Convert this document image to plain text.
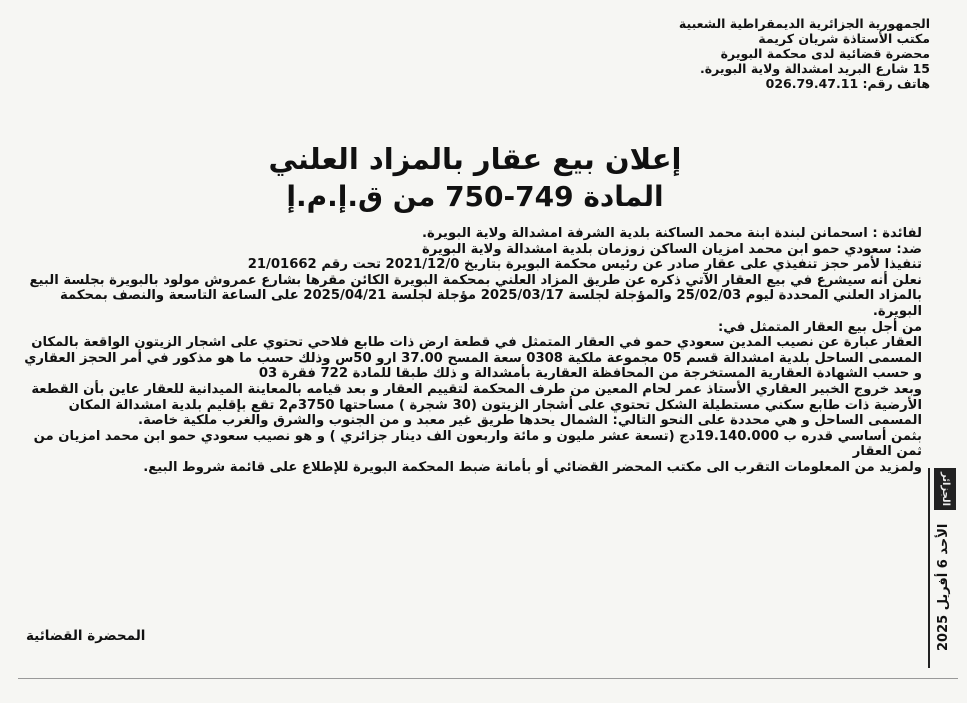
الجمهورية الجزائرية الديمقراطية الشعبية
مكتب الأستاذة شريان كريمة
محضرة قضائية لدى محكمة البويرة
15 شارع البريد امشدالة ولاية البويرة.
هاتف رقم: 026.79.47.11
إعلان بيع عقار بالمزاد العلني
المادة 749-750 من ق.إ.م.إ

لفائدة : اسحمانن لبندة ابنة محمد الساكنة بلدية الشرفة امشدالة ولاية البويرة.

ضد: سعودي حمو ابن محمد امزيان الساكن زوزمان بلدية امشدالة ولاية البويرة

تنفيذا لأمر حجز تنفيذي على عقار صادر عن رئيس محكمة البويرة بتاريخ 2021/12/0 تحت رقم 21/01662

نعلن أنه سيشرع في بيع العقار الآتي ذكره عن طريق المزاد العلني بمحكمة البويرة الكائن مقرها بشارع عمروش مولود بالبويرة بجلسة البيع بالمزاد العلني المحددة ليوم 25/02/03 والمؤجلة لجلسة 2025/03/17 مؤجلة لجلسة 2025/04/21 على الساعة التاسعة والنصف بمحكمة البويرة.

من أجل بيع العقار المتمثل في:

العقار عبارة عن نصيب المدين سعودي حمو في العقار المتمثل في قطعة ارض ذات طابع فلاحي تحتوي على اشجار الزيتون الواقعة بالمكان المسمى الساحل بلدية امشدالة قسم 05 مجموعة ملكية 0308 سعة المسح 37.00 ارو 50س وذلك حسب ما هو مذكور في أمر الحجز العقاري و حسب الشهادة العقارية المستخرجة من المحافظة العقارية بأمشدالة و ذلك طبقا للمادة 722 فقرة 03

وبعد خروج الخبير العقاري الأستاذ عمر لحام المعين من طرف المحكمة لتقييم العقار و بعد قيامه بالمعاينة الميدانية للعقار عاين بأن القطعة الأرضية ذات طابع سكني مستطيلة الشكل تحتوي على أشجار الزيتون (30 شجرة ) مساحتها 3750م2 تقع بإقليم بلدية امشدالة المكان المسمى الساحل و هي محددة على النحو التالي: الشمال يحدها طريق غير معبد و من الجنوب والشرق والغرب ملكية خاصة.

بثمن أساسي قدره ب 19.140.000دج (تسعة عشر مليون و مائة واربعون الف دينار جزائري ) و هو نصيب سعودي حمو ابن محمد امزيان من ثمن العقار

ولمزيد من المعلومات التقرب الى مكتب المحضر القضائي أو بأمانة ضبط المحكمة البويرة للإطلاع على قائمة شروط البيع.

المحضرة القضائية
الجزائر
الأحد 6 أفريل 2025
